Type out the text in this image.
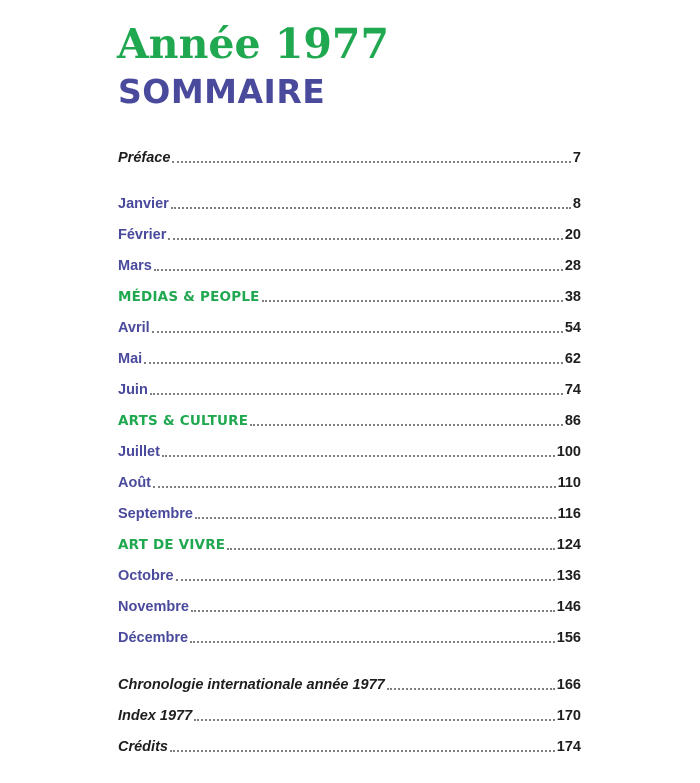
Année 1977
SOMMAIRE
Préface	7
Janvier	8
Février	20
Mars	28
MÉDIAS & PEOPLE	38
Avril	54
Mai	62
Juin	74
ARTS & CULTURE	86
Juillet	100
Août	110
Septembre	116
ART DE VIVRE	124
Octobre	136
Novembre	146
Décembre	156
Chronologie internationale année 1977	166
Index 1977	170
Crédits	174
